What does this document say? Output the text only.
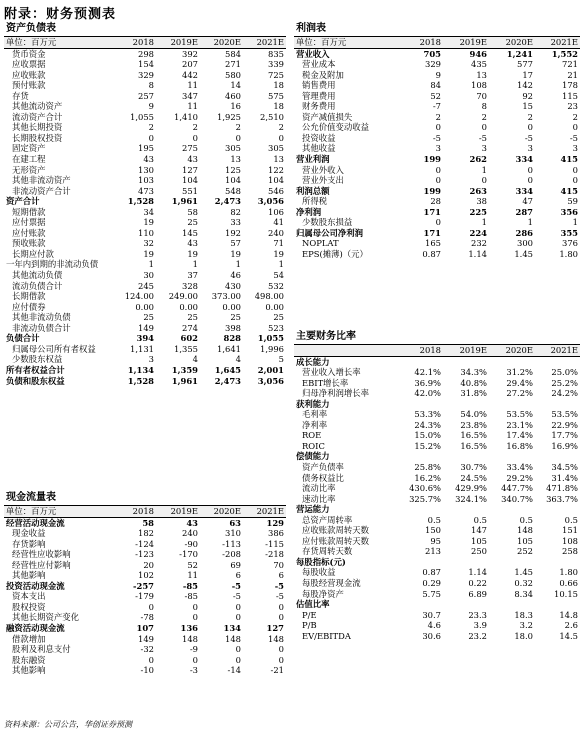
附录：财务预测表
资产负债表
单位：百万元	2018	2019E	2020E	2021E
货币资金	298	392	584	835
应收票据	154	207	271	339
应收账款	329	442	580	725
预付账款	8	11	14	18
存货	257	347	460	575
其他流动资产	9	11	16	18
流动资产合计	1,055	1,410	1,925	2,510
其他长期投资	2	2	2	2
长期股权投资	0	0	0	0
固定资产	195	275	305	305
在建工程	43	43	13	13
无形资产	130	127	125	122
其他非流动资产	103	104	104	104
非流动资产合计	473	551	548	546
资产合计	1,528	1,961	2,473	3,056
短期借款	34	58	82	106
应付票据	19	25	33	41
应付账款	110	145	192	240
预收账款	32	43	57	71
长期应付款	19	19	19	19
一年内到期的非流动负债	1	1	1	1
其他流动负债	30	37	46	54
流动负债合计	245	328	430	532
长期借款	124.00	249.00	373.00	498.00
应付债券	0.00	0.00	0.00	0.00
其他非流动负债	25	25	25	25
非流动负债合计	149	274	398	523
负债合计	394	602	828	1,055
归属母公司所有者权益	1,131	1,355	1,641	1,996
少数股东权益	3	4	4	5
所有者权益合计	1,134	1,359	1,645	2,001
负债和股东权益	1,528	1,961	2,473	3,056
现金流量表
单位：百万元	2018	2019E	2020E	2021E
经营活动现金流	58	43	63	129
现金收益	182	240	310	386
存货影响	-124	-90	-113	-115
经营性应收影响	-123	-170	-208	-218
经营性应付影响	20	52	69	70
其他影响	102	11	6	6
投资活动现金流	-257	-85	-5	-5
资本支出	-179	-85	-5	-5
股权投资	0	0	0	0
其他长期资产变化	-78	0	0	0
融资活动现金流	107	136	134	127
借款增加	149	148	148	148
股利及利息支付	-32	-9	0	0
股东融资	0	0	0	0
其他影响	-10	-3	-14	-21
利润表
单位：百万元	2018	2019E	2020E	2021E
营业收入	705	946	1,241	1,552
营业成本	329	435	577	721
税金及附加	9	13	17	21
销售费用	84	108	142	178
管理费用	52	70	92	115
财务费用	-7	8	15	23
资产减值损失	2	2	2	2
公允价值变动收益	0	0	0	0
投资收益	-5	-5	-5	-5
其他收益	3	3	3	3
营业利润	199	262	334	415
营业外收入	0	1	0	0
营业外支出	0	0	0	0
利润总额	199	263	334	415
所得税	28	38	47	59
净利润	171	225	287	356
少数股东损益	0	1	1	1
归属母公司净利润	171	224	286	355
NOPLAT	165	232	300	376
EPS(摊薄)（元）	0.87	1.14	1.45	1.80
主要财务比率
	2018	2019E	2020E	2021E
成长能力				
营业收入增长率	42.1%	34.3%	31.2%	25.0%
EBIT增长率	36.9%	40.8%	29.4%	25.2%
归母净利润增长率	42.0%	31.8%	27.2%	24.2%
获利能力				
毛利率	53.3%	54.0%	53.5%	53.5%
净利率	24.3%	23.8%	23.1%	22.9%
ROE	15.0%	16.5%	17.4%	17.7%
ROIC	15.2%	16.5%	16.8%	16.9%
偿债能力				
资产负债率	25.8%	30.7%	33.4%	34.5%
债务权益比	16.2%	24.5%	29.2%	31.4%
流动比率	430.6%	429.9%	447.7%	471.8%
速动比率	325.7%	324.1%	340.7%	363.7%
营运能力				
总资产周转率	0.5	0.5	0.5	0.5
应收账款周转天数	150	147	148	151
应付账款周转天数	95	105	105	108
存货周转天数	213	250	252	258
每股指标(元)				
每股收益	0.87	1.14	1.45	1.80
每股经营现金流	0.29	0.22	0.32	0.66
每股净资产	5.75	6.89	8.34	10.15
估值比率				
P/E	30.7	23.3	18.3	14.8
P/B	4.6	3.9	3.2	2.6
EV/EBITDA	30.6	23.2	18.0	14.5
资料来源：公司公告，华创证券预测
